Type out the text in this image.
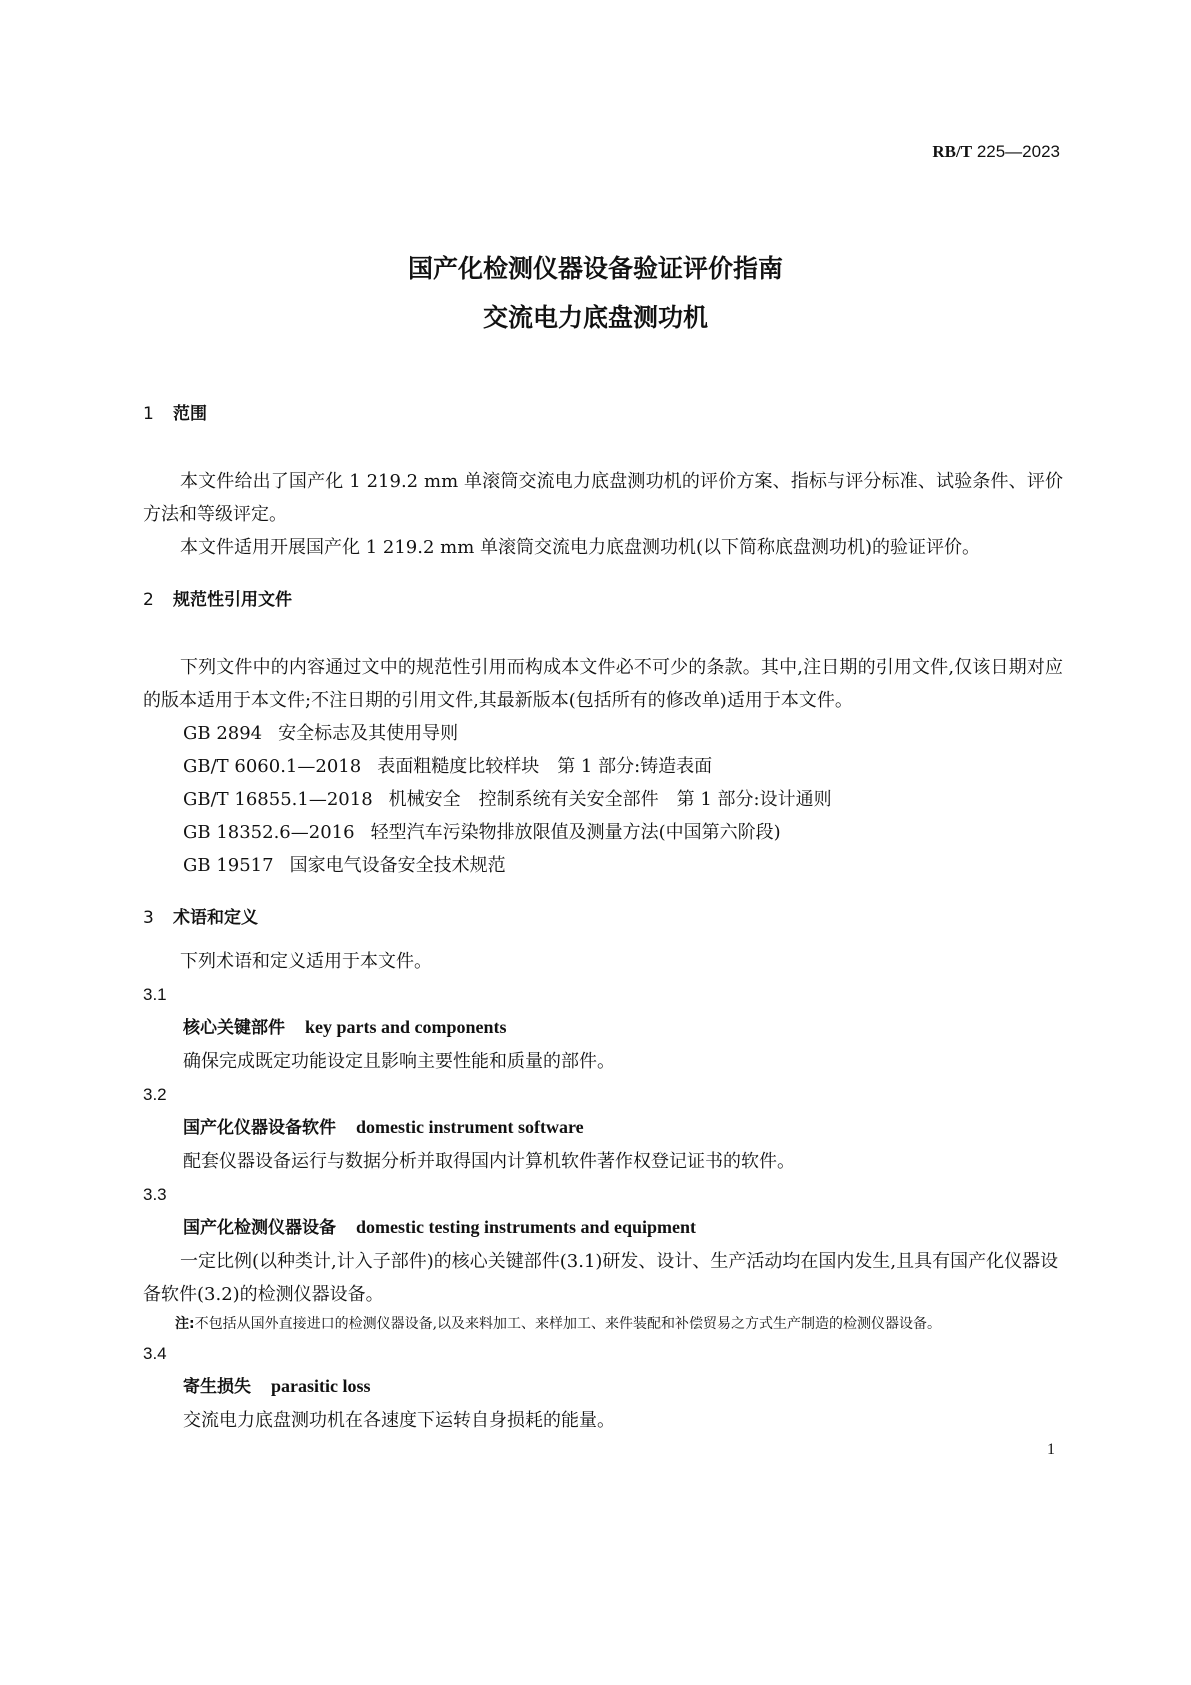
RB/T 225—2023
国产化检测仪器设备验证评价指南
交流电力底盘测功机

1 范围

本文件给出了国产化 1 219.2 mm 单滚筒交流电力底盘测功机的评价方案、指标与评分标准、试验条件、评价方法和等级评定。

本文件适用开展国产化 1 219.2 mm 单滚筒交流电力底盘测功机(以下简称底盘测功机)的验证评价。

2 规范性引用文件

下列文件中的内容通过文中的规范性引用而构成本文件必不可少的条款。其中,注日期的引用文件,仅该日期对应的版本适用于本文件;不注日期的引用文件,其最新版本(包括所有的修改单)适用于本文件。

GB 2894 安全标志及其使用导则

GB/T 6060.1—2018 表面粗糙度比较样块　第 1 部分:铸造表面

GB/T 16855.1—2018 机械安全　控制系统有关安全部件　第 1 部分:设计通则

GB 18352.6—2016 轻型汽车污染物排放限值及测量方法(中国第六阶段)

GB 19517 国家电气设备安全技术规范

3 术语和定义

下列术语和定义适用于本文件。

3.1

核心关键部件 key parts and components

确保完成既定功能设定且影响主要性能和质量的部件。

3.2

国产化仪器设备软件 domestic instrument software

配套仪器设备运行与数据分析并取得国内计算机软件著作权登记证书的软件。

3.3

国产化检测仪器设备 domestic testing instruments and equipment

一定比例(以种类计,计入子部件)的核心关键部件(3.1)研发、设计、生产活动均在国内发生,且具有国产化仪器设备软件(3.2)的检测仪器设备。

注:不包括从国外直接进口的检测仪器设备,以及来料加工、来样加工、来件装配和补偿贸易之方式生产制造的检测仪器设备。

3.4

寄生损失 parasitic loss

交流电力底盘测功机在各速度下运转自身损耗的能量。

1
